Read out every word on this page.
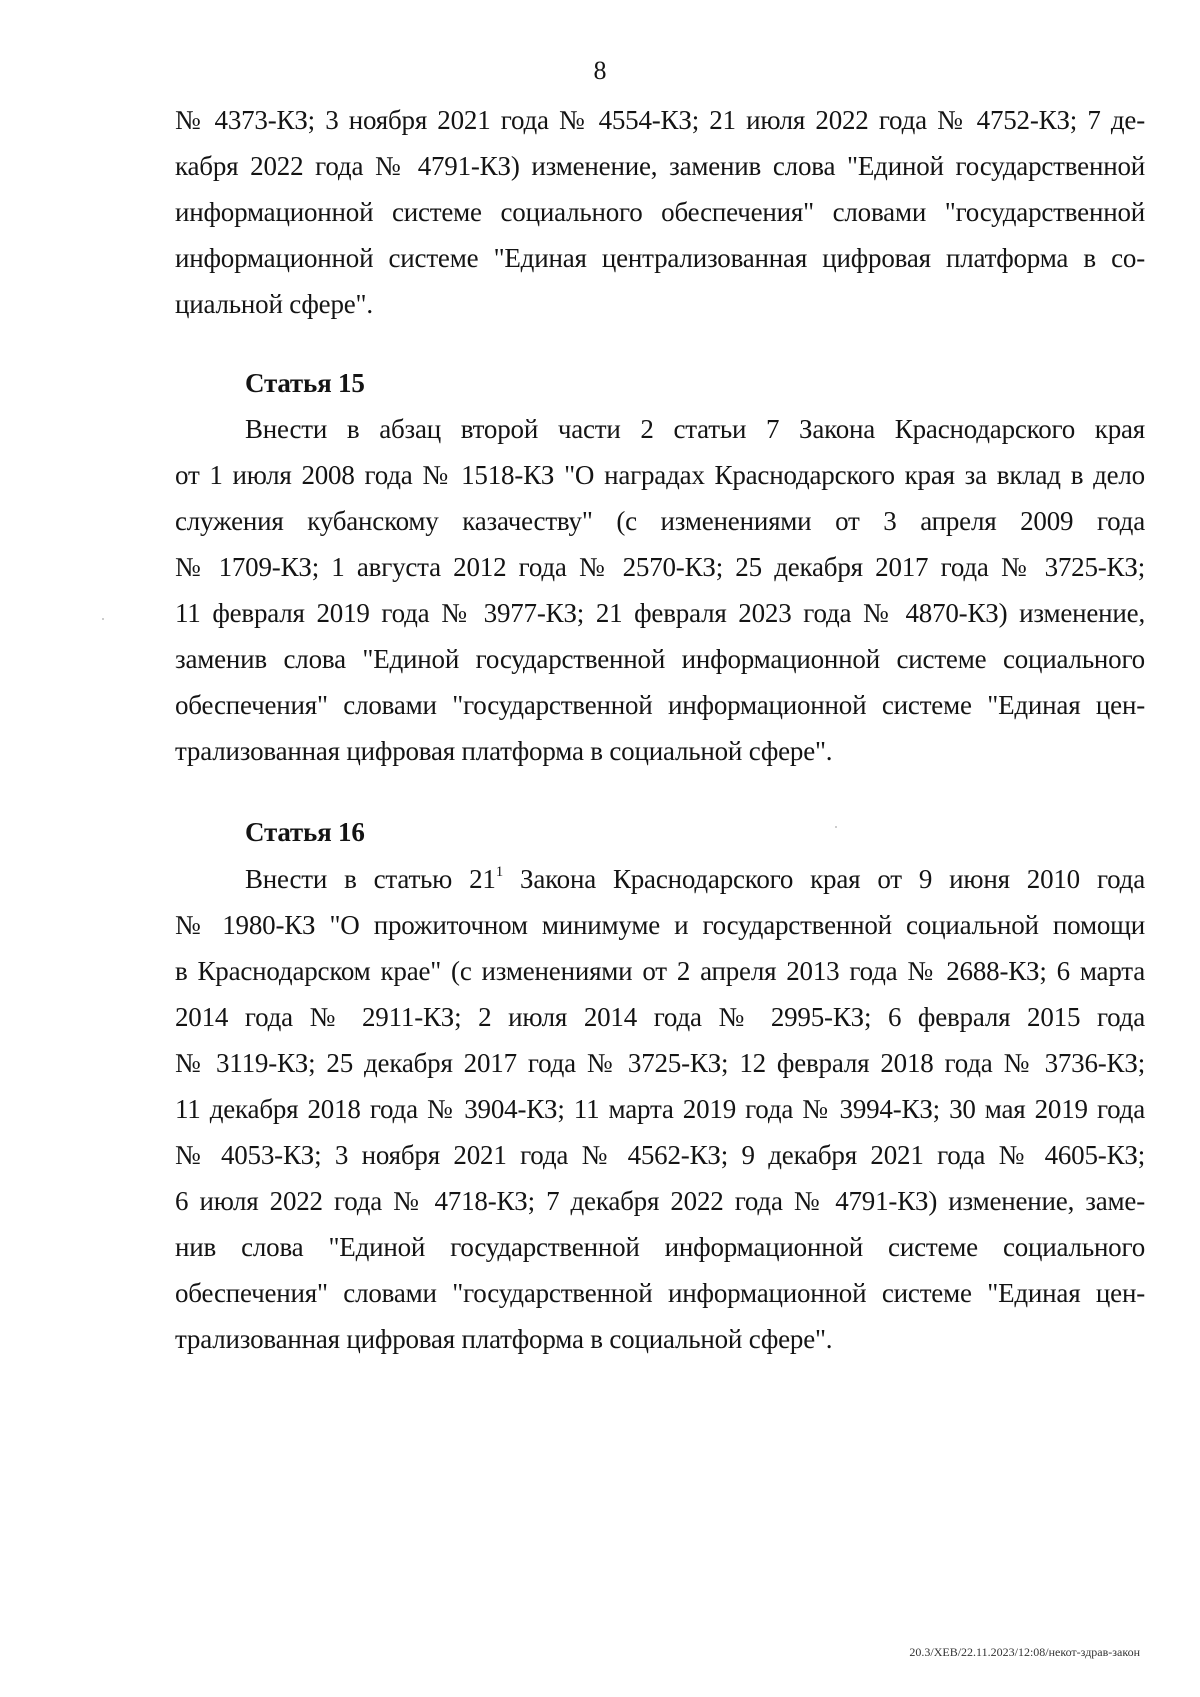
8
№ 4373-КЗ; 3 ноября 2021 года № 4554-КЗ; 21 июля 2022 года № 4752-КЗ; 7 де-
кабря 2022 года № 4791-КЗ) изменение, заменив слова "Единой государственной
информационной системе социального обеспечения" словами "государственной
информационной системе "Единая централизованная цифровая платформа в со-
циальной сфере".
Статья 15
Внести в абзац второй части 2 статьи 7 Закона Краснодарского края
от 1 июля 2008 года № 1518-КЗ "О наградах Краснодарского края за вклад в дело
служения кубанскому казачеству" (с изменениями от 3 апреля 2009 года
№ 1709-КЗ; 1 августа 2012 года № 2570-КЗ; 25 декабря 2017 года № 3725-КЗ;
11 февраля 2019 года № 3977-КЗ; 21 февраля 2023 года № 4870-КЗ) изменение,
заменив слова "Единой государственной информационной системе социального
обеспечения" словами "государственной информационной системе "Единая цен-
трализованная цифровая платформа в социальной сфере".
Статья 16
Внести в статью $21^1$ Закона Краснодарского края от 9 июня 2010 года
№ 1980-КЗ "О прожиточном минимуме и государственной социальной помощи
в Краснодарском крае" (с изменениями от 2 апреля 2013 года № 2688-КЗ; 6 марта
2014 года № 2911-КЗ; 2 июля 2014 года № 2995-КЗ; 6 февраля 2015 года
№ 3119-КЗ; 25 декабря 2017 года № 3725-КЗ; 12 февраля 2018 года № 3736-КЗ;
11 декабря 2018 года № 3904-КЗ; 11 марта 2019 года № 3994-КЗ; 30 мая 2019 года
№ 4053-КЗ; 3 ноября 2021 года № 4562-КЗ; 9 декабря 2021 года № 4605-КЗ;
6 июля 2022 года № 4718-КЗ; 7 декабря 2022 года № 4791-КЗ) изменение, заме-
нив слова "Единой государственной информационной системе социального
обеспечения" словами "государственной информационной системе "Единая цен-
трализованная цифровая платформа в социальной сфере".
20.3/ХЕВ/22.11.2023/12:08/некот-здрав-закон
